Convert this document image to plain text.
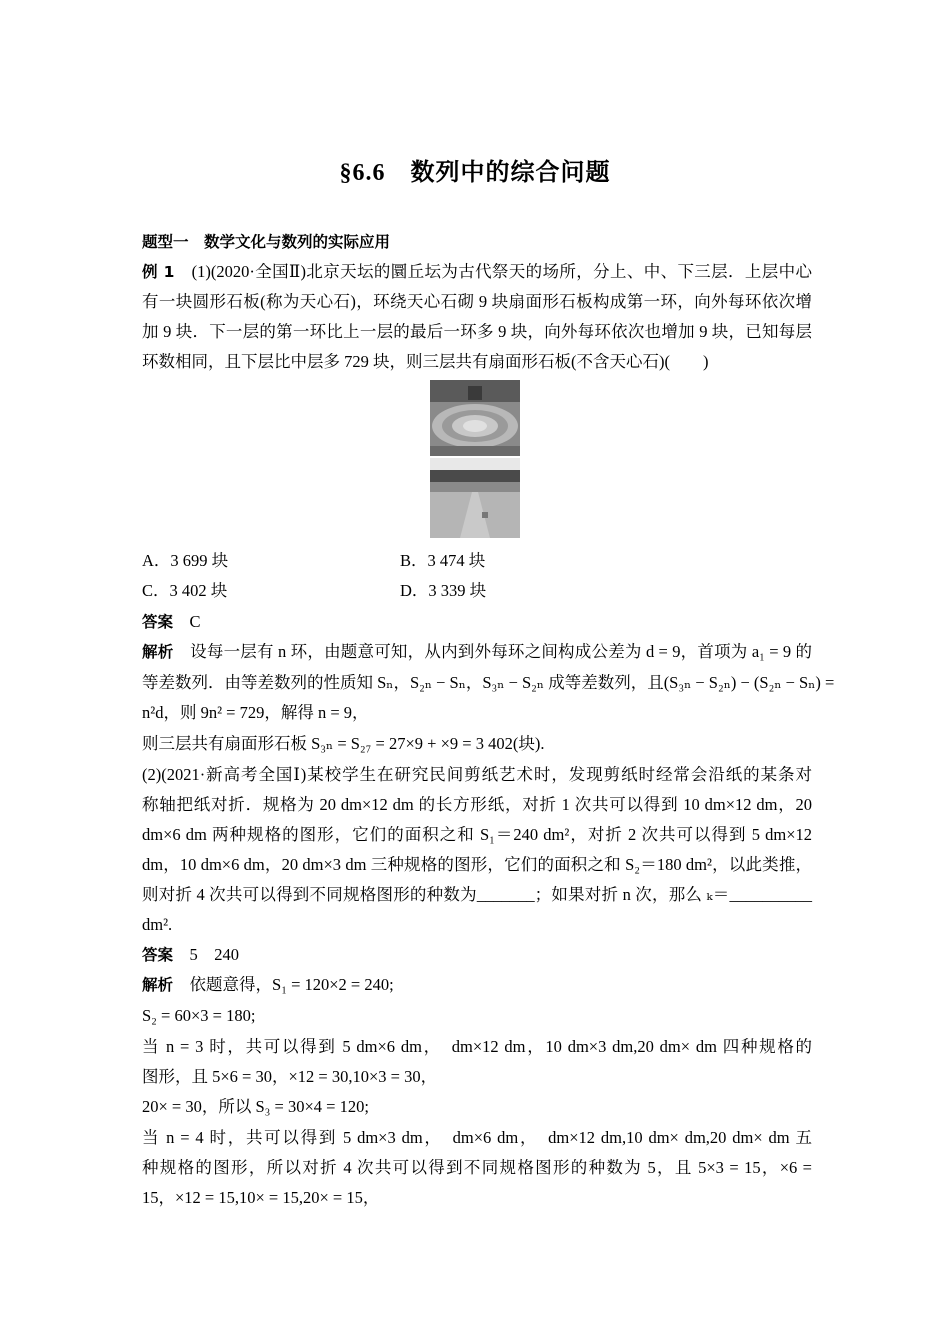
§6.6　数列中的综合问题
题型一　数学文化与数列的实际应用
例 1　 (1)(2020·全国Ⅱ)北京天坛的圜丘坛为古代祭天的场所，分上、中、下三层．上层中心
有一块圆形石板(称为天心石)，环绕天心石砌 9 块扇面形石板构成第一环，向外每环依次增
加 9 块．下一层的第一环比上一层的最后一环多 9 块，向外每环依次也增加 9 块，已知每层
环数相同，且下层比中层多 729 块，则三层共有扇面形石板(不含天心石)(　　)
A．3 699 块	B．3 474 块
C．3 402 块	D．3 339 块
答案　 C
解析　 设每一层有 n 环，由题意可知，从内到外每环之间构成公差为 d = 9，首项为 a₁ = 9 的
等差数列．由等差数列的性质知 Sₙ，S₂ₙ − Sₙ，S₃ₙ − S₂ₙ 成等差数列，且(S₃ₙ − S₂ₙ) − (S₂ₙ − Sₙ) =
n²d，则 9n² = 729，解得 n = 9，
则三层共有扇面形石板 S₃ₙ = S₂₇ = 27×9 + ×9 = 3 402(块).
(2)(2021·新高考全国Ⅰ)某校学生在研究民间剪纸艺术时，发现剪纸时经常会沿纸的某条对
称轴把纸对折．规格为 20 dm×12 dm 的长方形纸，对折 1 次共可以得到 10 dm×12 dm，20
dm×6 dm 两种规格的图形，它们的面积之和 S₁＝240 dm²，对折 2 次共可以得到 5 dm×12
dm，10 dm×6 dm，20 dm×3 dm 三种规格的图形，它们的面积之和 S₂＝180 dm²，以此类推，
则对折 4 次共可以得到不同规格图形的种数为_______；如果对折 n 次，那么 ₖ＝__________
dm².
答案　 5　240
解析　 依题意得，S₁ = 120×2 = 240;
S₂ = 60×3 = 180;
当 n = 3 时，共可以得到 5 dm×6 dm，　dm×12 dm，10 dm×3 dm,20 dm× dm 四种规格的
图形，且 5×6 = 30，×12 = 30,10×3 = 30，
20× = 30，所以 S₃ = 30×4 = 120;
当 n = 4 时，共可以得到 5 dm×3 dm，　dm×6 dm，　dm×12 dm,10 dm× dm,20 dm× dm 五
种规格的图形，所以对折 4 次共可以得到不同规格图形的种数为 5，且 5×3 = 15，×6 =
15，×12 = 15,10× = 15,20× = 15，
